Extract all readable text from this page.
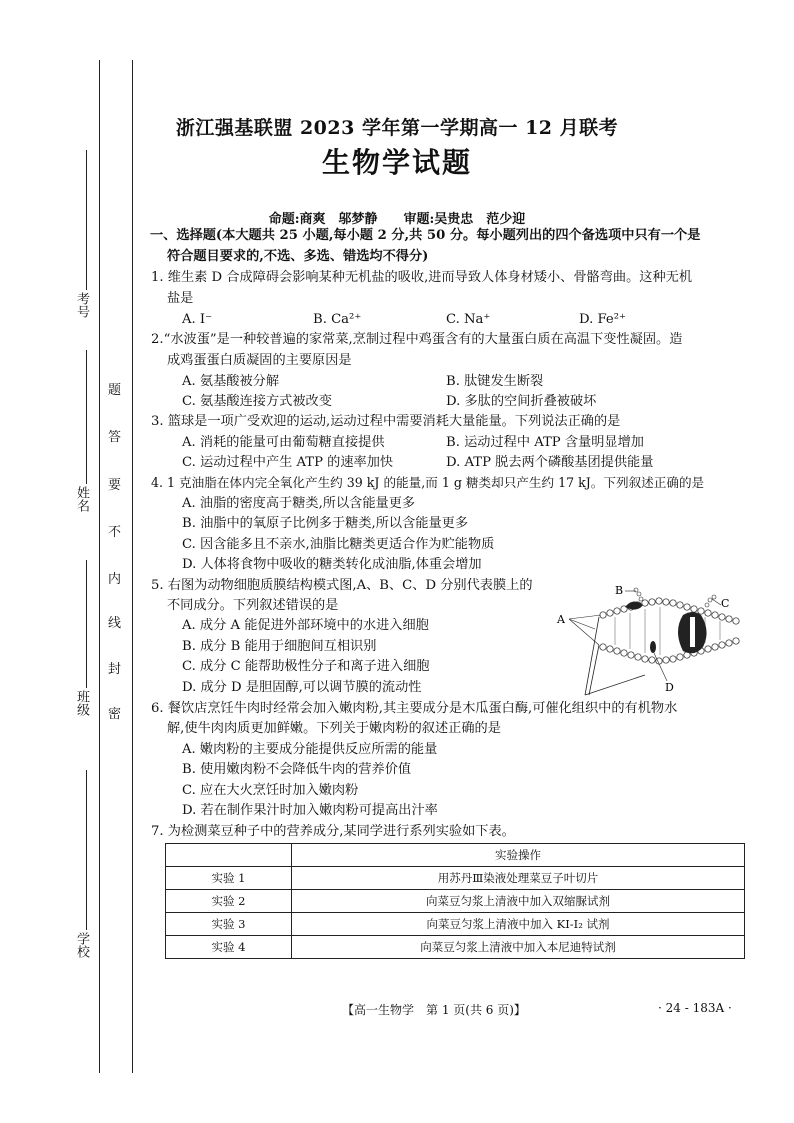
考号
姓名
班级
学校
题
答
要
不
内
线
封
密
浙江强基联盟 2023 学年第一学期高一 12 月联考
生物学试题
命题:商爽　邬梦静　　审题:吴贵忠　范少迎
一、选择题(本大题共 25 小题,每小题 2 分,共 50 分。每小题列出的四个备选项中只有一个是
符合题目要求的,不选、多选、错选均不得分)
1. 维生素 D 合成障碍会影响某种无机盐的吸收,进而导致人体身材矮小、骨骼弯曲。这种无机
盐是
A. I⁻	B. Ca²⁺	C. Na⁺	D. Fe²⁺
2.“水波蛋”是一种较普遍的家常菜,烹制过程中鸡蛋含有的大量蛋白质在高温下变性凝固。造
成鸡蛋蛋白质凝固的主要原因是
A. 氨基酸被分解	B. 肽键发生断裂
C. 氨基酸连接方式被改变	D. 多肽的空间折叠被破坏
3. 篮球是一项广受欢迎的运动,运动过程中需要消耗大量能量。下列说法正确的是
A. 消耗的能量可由葡萄糖直接提供	B. 运动过程中 ATP 含量明显增加
C. 运动过程中产生 ATP 的速率加快	D. ATP 脱去两个磷酸基团提供能量
4. 1 克油脂在体内完全氧化产生约 39 kJ 的能量,而 1 g 糖类却只产生约 17 kJ。下列叙述正确的是
A. 油脂的密度高于糖类,所以含能量更多
B. 油脂中的氧原子比例多于糖类,所以含能量更多
C. 因含能多且不亲水,油脂比糖类更适合作为贮能物质
D. 人体将食物中吸收的糖类转化成油脂,体重会增加
5. 右图为动物细胞质膜结构模式图,A、B、C、D 分别代表膜上的
不同成分。下列叙述错误的是
A. 成分 A 能促进外部环境中的水进入细胞
B. 成分 B 能用于细胞间互相识别
C. 成分 C 能帮助极性分子和离子进入细胞
D. 成分 D 是胆固醇,可以调节膜的流动性
A
B
C
D
6. 餐饮店烹饪牛肉时经常会加入嫩肉粉,其主要成分是木瓜蛋白酶,可催化组织中的有机物水
解,使牛肉肉质更加鲜嫩。下列关于嫩肉粉的叙述正确的是
A. 嫩肉粉的主要成分能提供反应所需的能量
B. 使用嫩肉粉不会降低牛肉的营养价值
C. 应在大火烹饪时加入嫩肉粉
D. 若在制作果汁时加入嫩肉粉可提高出汁率
7. 为检测菜豆种子中的营养成分,某同学进行系列实验如下表。
	实验操作
实验 1	用苏丹Ⅲ染液处理菜豆子叶切片
实验 2	向菜豆匀浆上清液中加入双缩脲试剂
实验 3	向菜豆匀浆上清液中加入 KI-I₂ 试剂
实验 4	向菜豆匀浆上清液中加入本尼迪特试剂
【高一生物学　第 1 页(共 6 页)】	· 24 - 183A ·
